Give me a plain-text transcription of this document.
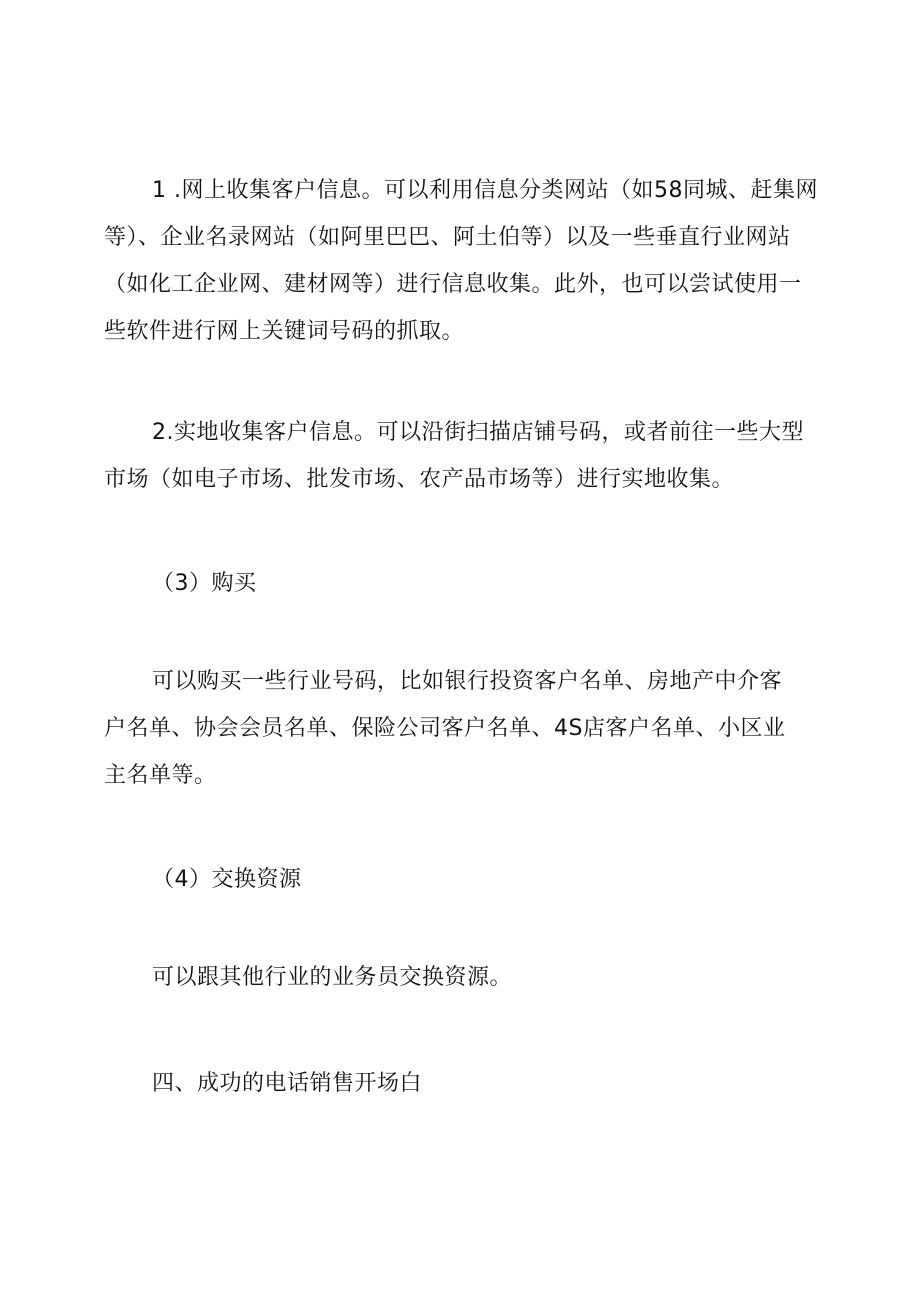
1 .网上收集客户信息。可以利用信息分类网站（如58同城、赶集网
等）、企业名录网站（如阿里巴巴、阿土伯等）以及一些垂直行业网站
（如化工企业网、建材网等）进行信息收集。此外，也可以尝试使用一
些软件进行网上关键词号码的抓取。
2.实地收集客户信息。可以沿街扫描店铺号码，或者前往一些大型
市场（如电子市场、批发市场、农产品市场等）进行实地收集。
（3）购买
可以购买一些行业号码，比如银行投资客户名单、房地产中介客
户名单、协会会员名单、保险公司客户名单、4S店客户名单、小区业
主名单等。
（4）交换资源
可以跟其他行业的业务员交换资源。
四、成功的电话销售开场白
